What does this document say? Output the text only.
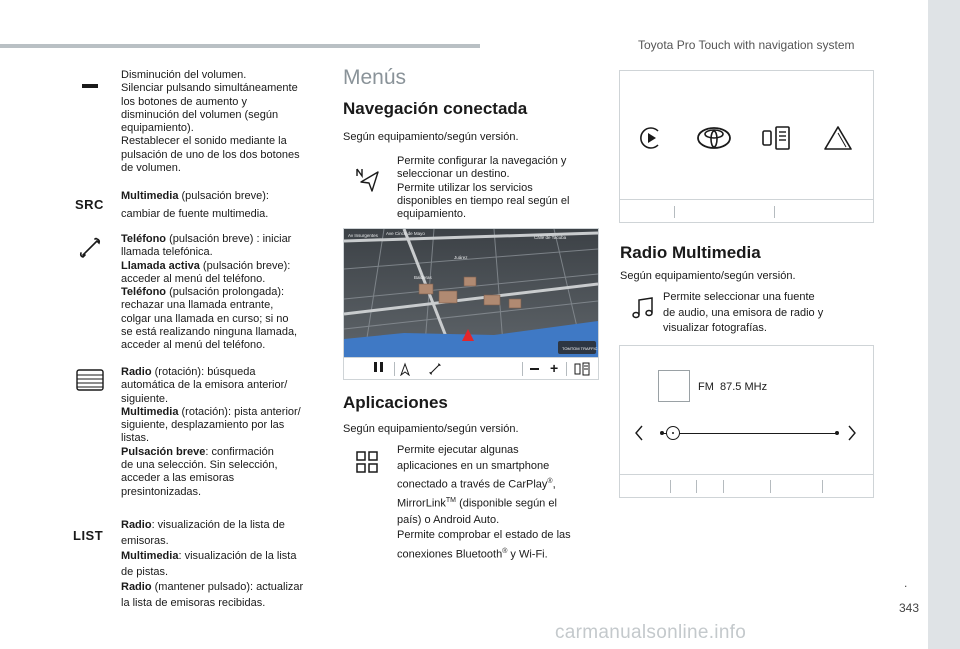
Toyota Pro Touch with navigation system
.
343
carmanualsonline.info
Disminución del volumen.
Silenciar pulsando simultáneamente
los botones de aumento y
disminución del volumen (según
equipamiento).
Restablecer el sonido mediante la
pulsación de uno de los dos botones
de volumen.
SRC
Multimedia (pulsación breve):
cambiar de fuente multimedia.
Teléfono (pulsación breve) : iniciar
llamada telefónica.
Llamada activa (pulsación breve):
acceder al menú del teléfono.
Teléfono (pulsación prolongada):
rechazar una llamada entrante,
colgar una llamada en curso; si no
se está realizando ninguna llamada,
acceder al menú del teléfono.
Radio (rotación): búsqueda
automática de la emisora anterior/
siguiente.
Multimedia (rotación): pista anterior/
siguiente, desplazamiento por las
listas.
Pulsación breve: confirmación
de una selección. Sin selección,
acceder a las emisoras
presintonizadas.
LIST
Radio: visualización de la lista de
emisoras.
Multimedia: visualización de la lista
de pistas.
Radio (mantener pulsado): actualizar
la lista de emisoras recibidas.
Menús
Navegación conectada
Según equipamiento/según versión.
Permite configurar la navegación y
seleccionar un destino.
Permite utilizar los servicios
disponibles en tiempo real según el
equipamiento.
Av Insurgentes Ave Cinco de Mayo
Juárez
Calle de Tacuba
Balderas
TOMTOM TRAFFIC
+
Aplicaciones
Según equipamiento/según versión.
Permite ejecutar algunas
aplicaciones en un smartphone
conectado a través de CarPlay®,
MirrorLink™ (disponible según el
país) o Android Auto.
Permite comprobar el estado de las
conexiones Bluetooth® y Wi-Fi.
Radio Multimedia
Según equipamiento/según versión.
Permite seleccionar una fuente
de audio, una emisora de radio y
visualizar fotografías.
FM 87.5 MHz
